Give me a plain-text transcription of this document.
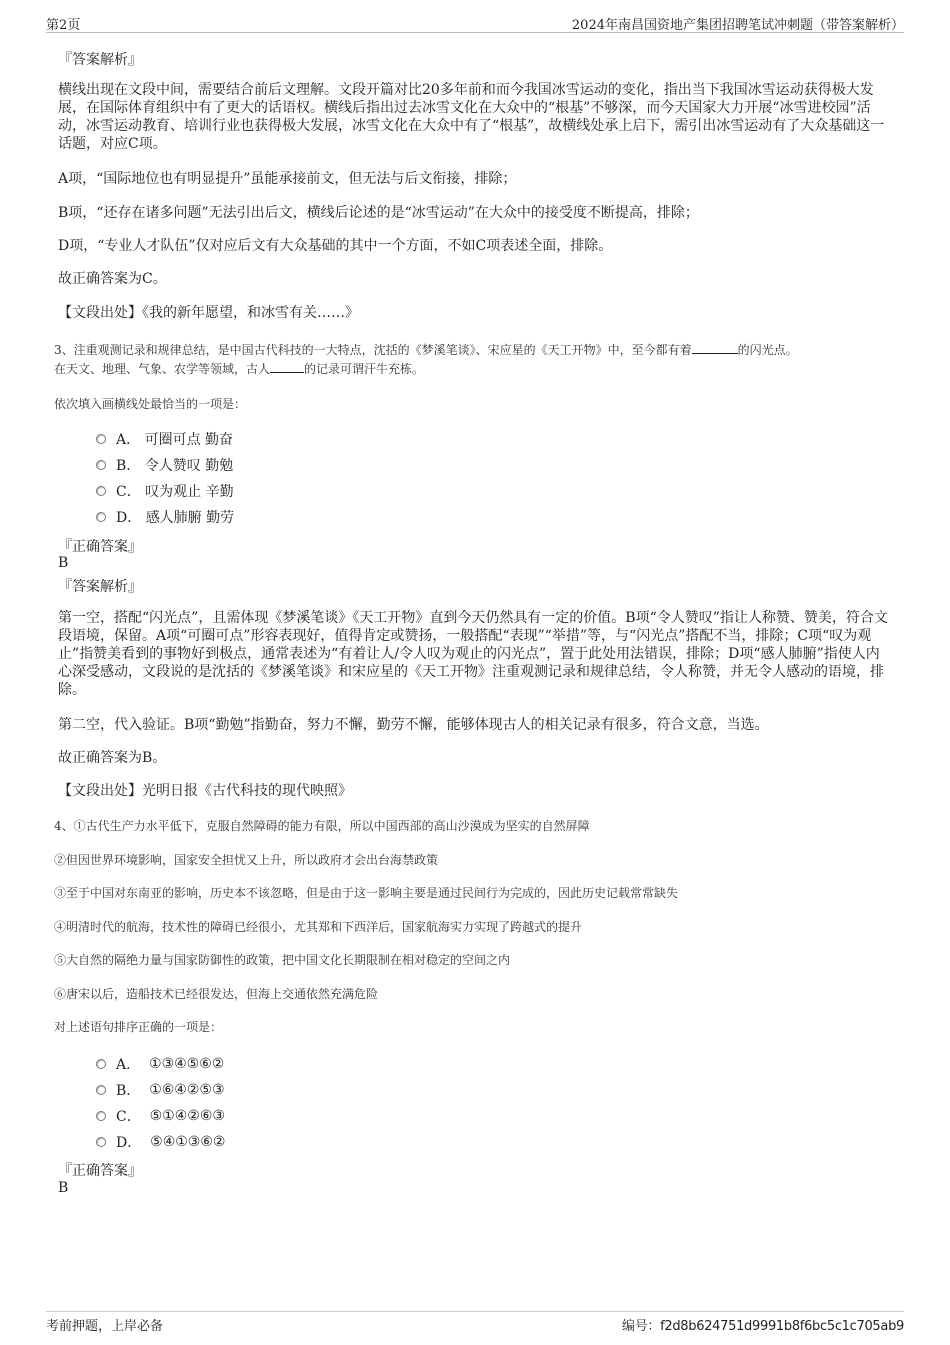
第2页	2024年南昌国资地产集团招聘笔试冲刺题（带答案解析）
『答案解析』

横线出现在文段中间，需要结合前后文理解。文段开篇对比20多年前和而今我国冰雪运动的变化，指出当下我国冰雪运动获得极大发展，在国际体育组织中有了更大的话语权。横线后指出过去冰雪文化在大众中的“根基”不够深，而今天国家大力开展“冰雪进校园”活动，冰雪运动教育、培训行业也获得极大发展，冰雪文化在大众中有了“根基”，故横线处承上启下，需引出冰雪运动有了大众基础这一话题，对应C项。

A项，“国际地位也有明显提升”虽能承接前文，但无法与后文衔接，排除；

B项，“还存在诸多问题”无法引出后文，横线后论述的是“冰雪运动”在大众中的接受度不断提高，排除；

D项，“专业人才队伍”仅对应后文有大众基础的其中一个方面，不如C项表述全面，排除。

故正确答案为C。

【文段出处】《我的新年愿望，和冰雪有关……》

3、注重观测记录和规律总结，是中国古代科技的一大特点，沈括的《梦溪笔谈》、宋应星的《天工开物》中，至今都有着	的闪光点。
在天文、地理、气象、农学等领域，古人	的记录可谓汗牛充栋。

依次填入画横线处最恰当的一项是：

A．
可圈可点 勤奋
B．
令人赞叹 勤勉
C．
叹为观止 辛勤
D．
感人肺腑 勤劳
『正确答案』
B
『答案解析』

第一空，搭配“闪光点”，且需体现《梦溪笔谈》《天工开物》直到今天仍然具有一定的价值。B项“令人赞叹”指让人称赞、赞美，符合文段语境，保留。A项“可圈可点”形容表现好，值得肯定或赞扬，一般搭配“表现”“举措”等，与“闪光点”搭配不当，排除；C项“叹为观止”指赞美看到的事物好到极点，通常表述为“有着让人/令人叹为观止的闪光点”，置于此处用法错误，排除；D项“感人肺腑”指使人内心深受感动，文段说的是沈括的《梦溪笔谈》和宋应星的《天工开物》注重观测记录和规律总结，令人称赞，并无令人感动的语境，排除。

第二空，代入验证。B项“勤勉”指勤奋，努力不懈，勤劳不懈，能够体现古人的相关记录有很多，符合文意，当选。

故正确答案为B。

【文段出处】光明日报《古代科技的现代映照》

4、①古代生产力水平低下，克服自然障碍的能力有限，所以中国西部的高山沙漠成为坚实的自然屏障

②但因世界环境影响，国家安全担忧又上升，所以政府才会出台海禁政策

③至于中国对东南亚的影响，历史本不该忽略，但是由于这一影响主要是通过民间行为完成的，因此历史记载常常缺失

④明清时代的航海，技术性的障碍已经很小，尤其郑和下西洋后，国家航海实力实现了跨越式的提升

⑤大自然的隔绝力量与国家防御性的政策，把中国文化长期限制在相对稳定的空间之内

⑥唐宋以后，造船技术已经很发达，但海上交通依然充满危险

对上述语句排序正确的一项是：

A．
①③④⑤⑥②
B．
①⑥④②⑤③
C．
⑤①④②⑥③
D．
⑤④①③⑥②
『正确答案』
B
考前押题，上岸必备	编号：f2d8b624751d9991b8f6bc5c1c705ab9
